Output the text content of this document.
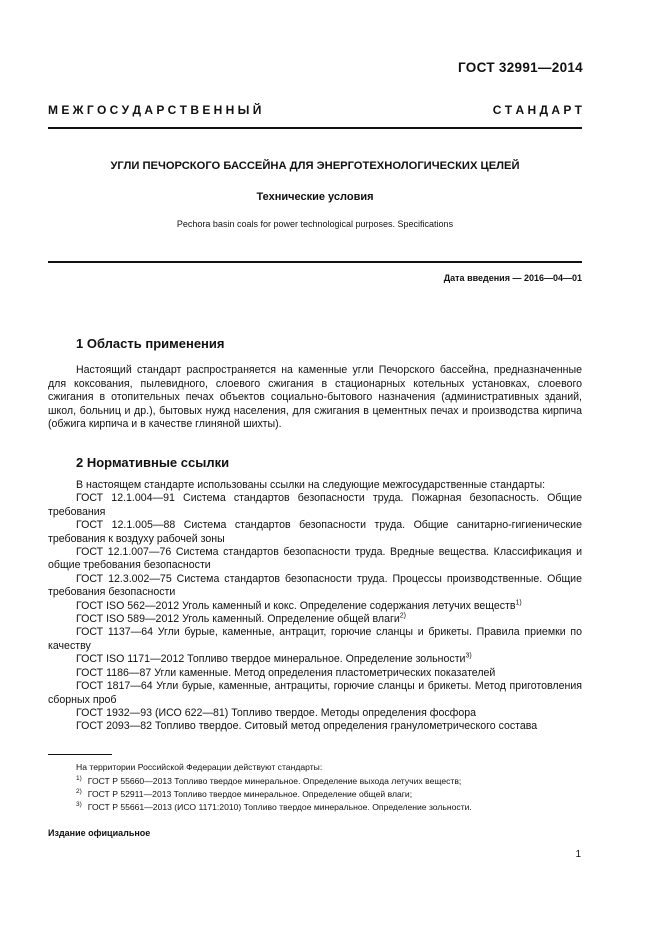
ГОСТ 32991—2014
М Е Ж Г О С У Д А Р С Т В Е Н Н Ы Й	С Т А Н Д А Р Т
УГЛИ ПЕЧОРСКОГО БАССЕЙНА ДЛЯ ЭНЕРГОТЕХНОЛОГИЧЕСКИХ ЦЕЛЕЙ
Технические условия
Pechora basin coals for power technological purposes. Specifications
Дата введения — 2016—04—01
1 Область применения

Настоящий стандарт распространяется на каменные угли Печорского бассейна, предназначенные для коксования, пылевидного, слоевого сжигания в стационарных котельных установках, слоевого сжигания в отопительных печах объектов социально-бытового назначения (административных зданий, школ, больниц и др.), бытовых нужд населения, для сжигания в цементных печах и производства кирпича (обжига кирпича и в качестве глиняной шихты).

2 Нормативные ссылки
В настоящем стандарте использованы ссылки на следующие межгосударственные стандарты:
ГОСТ 12.1.004—91 Система стандартов безопасности труда. Пожарная безопасность. Общие требования
ГОСТ 12.1.005—88 Система стандартов безопасности труда. Общие санитарно-гигиенические требования к воздуху рабочей зоны
ГОСТ 12.1.007—76 Система стандартов безопасности труда. Вредные вещества. Классификация и общие требования безопасности
ГОСТ 12.3.002—75 Система стандартов безопасности труда. Процессы производственные. Общие требования безопасности
ГОСТ ISO 562—2012 Уголь каменный и кокс. Определение содержания летучих веществ$^{1)}$
ГОСТ ISO 589—2012 Уголь каменный. Определение общей влаги$^{2)}$
ГОСТ 1137—64 Угли бурые, каменные, антрацит, горючие сланцы и брикеты. Правила приемки по качеству
ГОСТ ISO 1171—2012 Топливо твердое минеральное. Определение зольности$^{3)}$
ГОСТ 1186—87 Угли каменные. Метод определения пластометрических показателей
ГОСТ 1817—64 Угли бурые, каменные, антрациты, горючие сланцы и брикеты. Метод приготовления сборных проб
ГОСТ 1932—93 (ИСО 622—81) Топливо твердое. Методы определения фосфора
ГОСТ 2093—82 Топливо твердое. Ситовый метод определения гранулометрического состава
На территории Российской Федерации действуют стандарты:
$^{1)}$ ГОСТ Р 55660—2013 Топливо твердое минеральное. Определение выхода летучих веществ;
$^{2)}$ ГОСТ Р 52911—2013 Топливо твердое минеральное. Определение общей влаги;
$^{3)}$ ГОСТ Р 55661—2013 (ИСО 1171:2010) Топливо твердое минеральное. Определение зольности.
Издание официальное
1
